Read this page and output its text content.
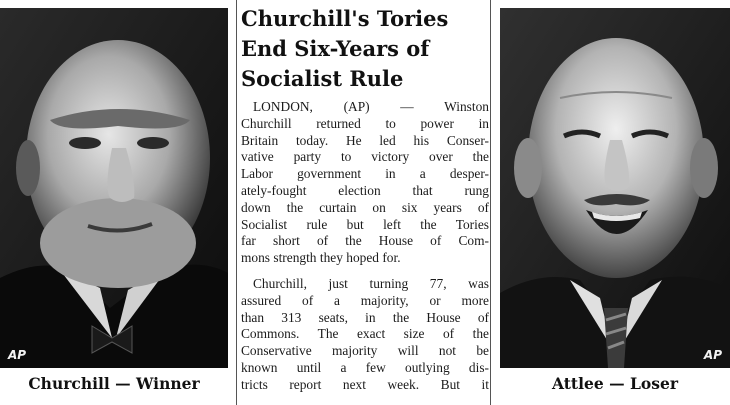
AP
Churchill — Winner
Churchill's Tories
End Six-Years of
Socialist Rule
LONDON, (AP) — Winston
Churchill returned to power in
Britain today. He led his Conser-
vative party to victory over the
Labor government in a desper-
ately-fought election that rung
down the curtain on six years of
Socialist rule but left the Tories
far short of the House of Com-
mons strength they hoped for.
Churchill, just turning 77, was
assured of a majority, or more
than 313 seats, in the House of
Commons. The exact size of the
Conservative majority will not be
known until a few outlying dis-
tricts report next week. But it
AP
Attlee — Loser
